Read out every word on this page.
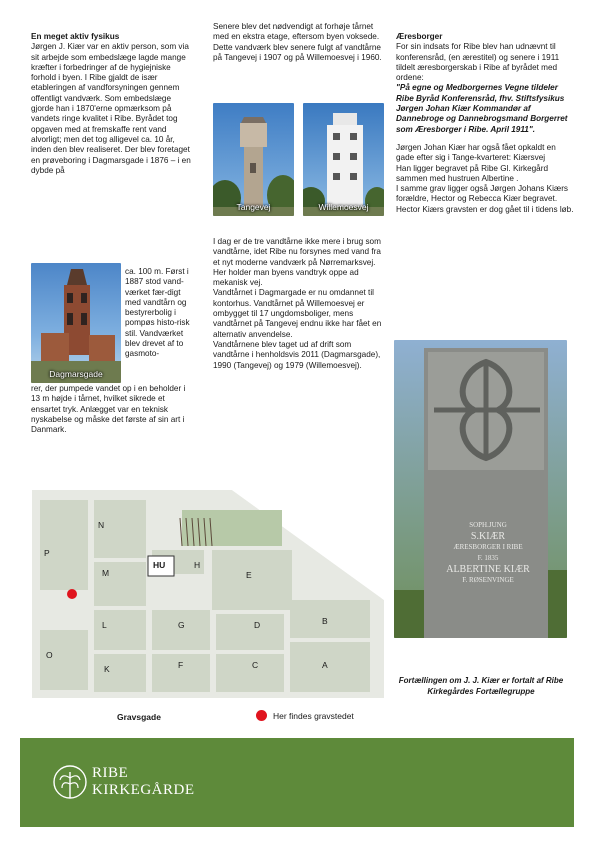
En meget aktiv fysikus

Jørgen J. Kiær var en aktiv person, som via sit arbejde som embedslæge lagde mange kræfter i forbedringer af de hygiejniske forhold i byen. I Ribe gjaldt de især etableringen af vandforsyningen gennem offentligt vandværk. Som embedslæge gjorde han i 1870'erne opmærksom på vandets ringe kvalitet i Ribe. Byrådet tog opgaven med at fremskaffe rent vand alvorligt; men det tog alligevel ca. 10 år, inden den blev realiseret. Der blev foretaget en prøveboring i Dagmarsgade i 1876 – i en dybde på

Dagmarsgade
ca. 100 m. Først i 1887 stod vand-værket fær-digt med vandtårn og bestyrerbolig i pompøs histo-risk stil. Vandværket blev drevet af to gasmoto-
rer, der pumpede vandet op i en beholder i 13 m højde i tårnet, hvilket sikrede et ensartet tryk. Anlægget var en teknisk nyskabelse og måske det første af sin art i Danmark.

Senere blev det nødvendigt at forhøje tårnet med en ekstra etage, eftersom byen voksede. Dette vandværk blev senere fulgt af vandtårne på Tangevej i 1907 og på Willemoesvej i 1960.

Tangevej	Willemoesvej

I dag er de tre vandtårne ikke mere i brug som vandtårne, idet Ribe nu forsynes med vand fra et nyt moderne vandværk på Nørremarksvej. Her holder man byens vandtryk oppe ad mekanisk vej.

Vandtårnet i Dagmargade er nu omdannet til kontorhus. Vandtårnet på Willemoesvej er ombygget til 17 ungdomsboliger, mens vandtårnet på Tangevej endnu ikke har fået en alternativ anvendelse.

Vandtårnene blev taget ud af drift som vandtårne i henholdsvis 2011 (Dagmarsgade), 1990 (Tangevej) og 1979 (Willemoesvej).

Æresborger

For sin indsats for Ribe blev han udnævnt til konferensråd, (en ærestitel) og senere i 1911 tildelt æresborgerskab i Ribe af byrådet med ordene:

"På egne og Medborgernes Vegne tildeler Ribe Byråd Konferensråd, fhv. Stiftsfysikus Jørgen Johan Kiær Kommandør af Dannebroge og Dannebrogsmand Borgerret som Æresborger i Ribe. April 1911".

Jørgen Johan Kiær har også fået opkaldt en gade efter sig i Tange-kvarteret: Kiærsvej

Han ligger begravet på Ribe Gl. Kirkegård sammen med hustruen Albertine .

I samme grav ligger også Jørgen Johans Kiærs forældre, Hector og Rebecca Kiær begravet. Hector Kiærs gravsten er dog gået til i tidens løb.

SOPH.JUNG
S.KIÆR
ÆRESBORGER I RIBE
F. 1835
ALBERTINE KIÆR
F. RØSENVINGE
N
P
M
HU	H
E
L	G	D	B
O
K	F	C	A
Gravsgade	Her findes gravstedet
Fortællingen om J. J. Kiær er fortalt af Ribe Kirkegårdes Fortællegruppe
RIBE
KIRKEGÅRDE
